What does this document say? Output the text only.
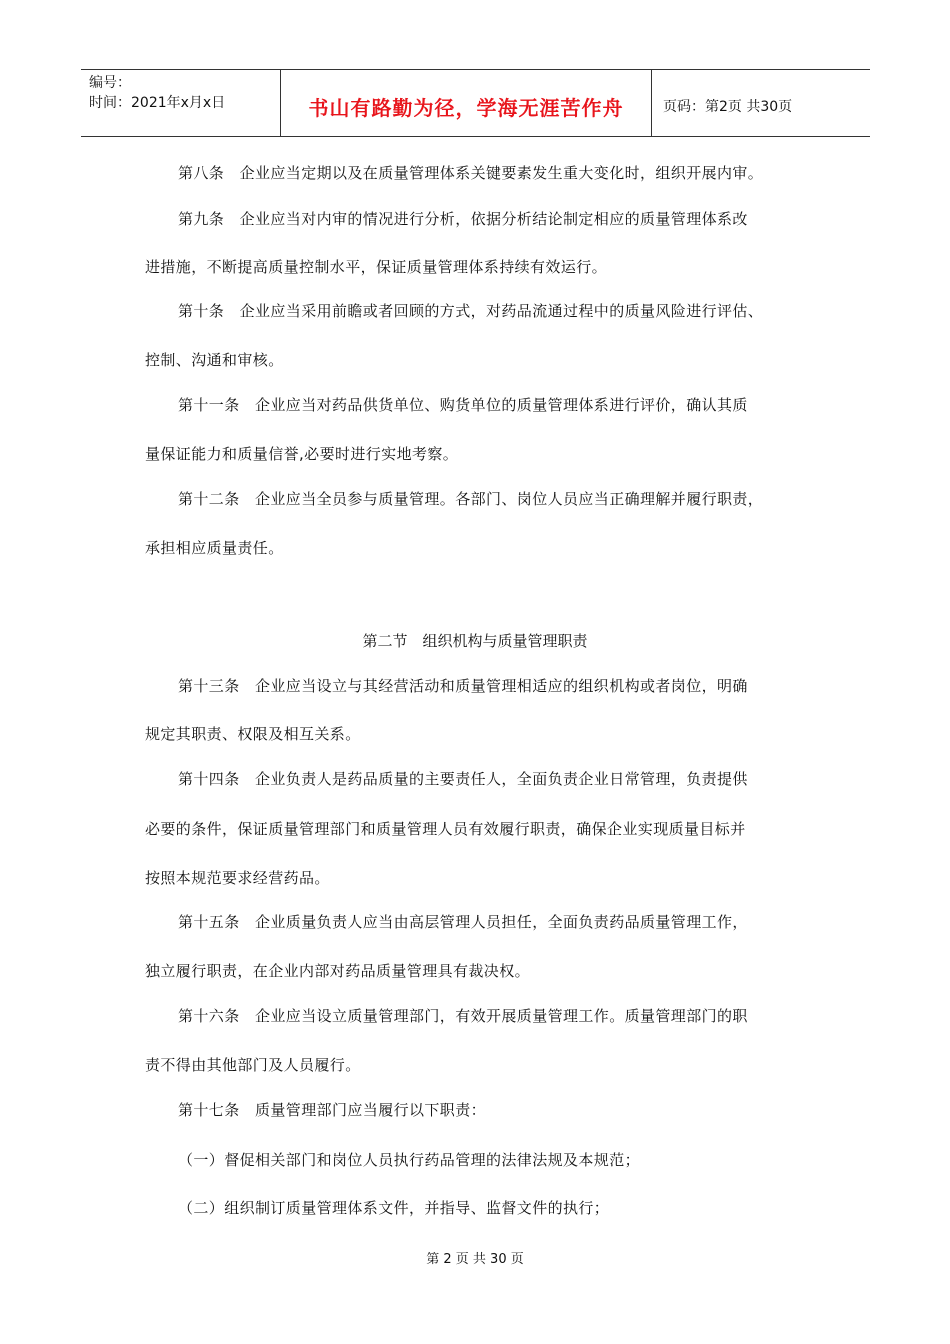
编号：
时间：2021年x月x日	书山有路勤为径，学海无涯苦作舟	页码：第2页 共30页
第八条　企业应当定期以及在质量管理体系关键要素发生重大变化时，组织开展内审。
第九条　企业应当对内审的情况进行分析，依据分析结论制定相应的质量管理体系改
进措施，不断提高质量控制水平，保证质量管理体系持续有效运行。
第十条　企业应当采用前瞻或者回顾的方式，对药品流通过程中的质量风险进行评估、
控制、沟通和审核。
第十一条　企业应当对药品供货单位、购货单位的质量管理体系进行评价，确认其质
量保证能力和质量信誉,必要时进行实地考察。
第十二条　企业应当全员参与质量管理。各部门、岗位人员应当正确理解并履行职责，
承担相应质量责任。
第二节　组织机构与质量管理职责
第十三条　企业应当设立与其经营活动和质量管理相适应的组织机构或者岗位，明确
规定其职责、权限及相互关系。
第十四条　企业负责人是药品质量的主要责任人，全面负责企业日常管理，负责提供
必要的条件，保证质量管理部门和质量管理人员有效履行职责，确保企业实现质量目标并
按照本规范要求经营药品。
第十五条　企业质量负责人应当由高层管理人员担任，全面负责药品质量管理工作，
独立履行职责，在企业内部对药品质量管理具有裁决权。
第十六条　企业应当设立质量管理部门，有效开展质量管理工作。质量管理部门的职
责不得由其他部门及人员履行。
第十七条　质量管理部门应当履行以下职责：
（一）督促相关部门和岗位人员执行药品管理的法律法规及本规范；
（二）组织制订质量管理体系文件，并指导、监督文件的执行；
第 2 页 共 30 页
